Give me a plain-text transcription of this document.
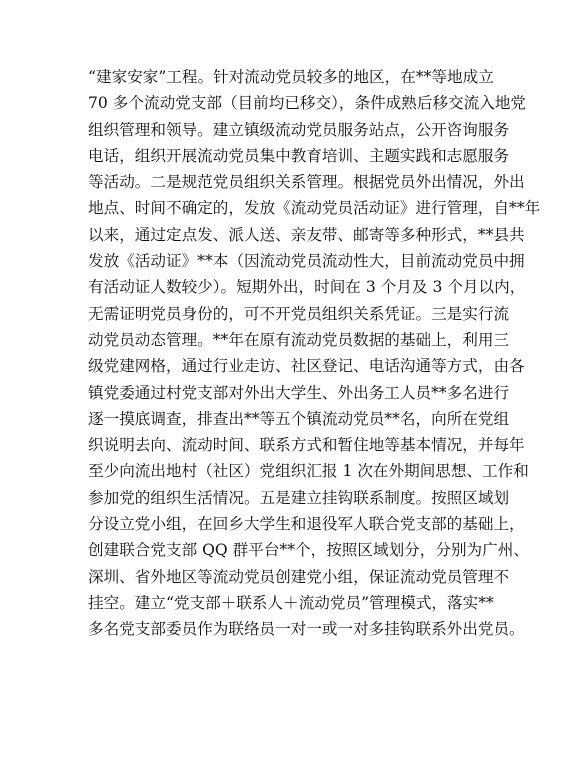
“建家安家”工程。针对流动党员较多的地区，在**等地成立
70 多个流动党支部（目前均已移交），条件成熟后移交流入地党
组织管理和领导。建立镇级流动党员服务站点，公开咨询服务
电话，组织开展流动党员集中教育培训、主题实践和志愿服务
等活动。二是规范党员组织关系管理。根据党员外出情况，外出
地点、时间不确定的，发放《流动党员活动证》进行管理，自**年
以来，通过定点发、派人送、亲友带、邮寄等多种形式，**县共
发放《活动证》**本（因流动党员流动性大，目前流动党员中拥
有活动证人数较少）。短期外出，时间在 3 个月及 3 个月以内，
无需证明党员身份的，可不开党员组织关系凭证。三是实行流
动党员动态管理。**年在原有流动党员数据的基础上，利用三
级党建网格，通过行业走访、社区登记、电话沟通等方式，由各
镇党委通过村党支部对外出大学生、外出务工人员**多名进行
逐一摸底调查，排查出**等五个镇流动党员**名，向所在党组
织说明去向、流动时间、联系方式和暂住地等基本情况，并每年
至少向流出地村（社区）党组织汇报 1 次在外期间思想、工作和
参加党的组织生活情况。五是建立挂钩联系制度。按照区域划
分设立党小组，在回乡大学生和退役军人联合党支部的基础上，
创建联合党支部 QQ 群平台**个，按照区域划分，分别为广州、
深圳、省外地区等流动党员创建党小组，保证流动党员管理不
挂空。建立“党支部＋联系人＋流动党员”管理模式，落实**
多名党支部委员作为联络员一对一或一对多挂钩联系外出党员。
